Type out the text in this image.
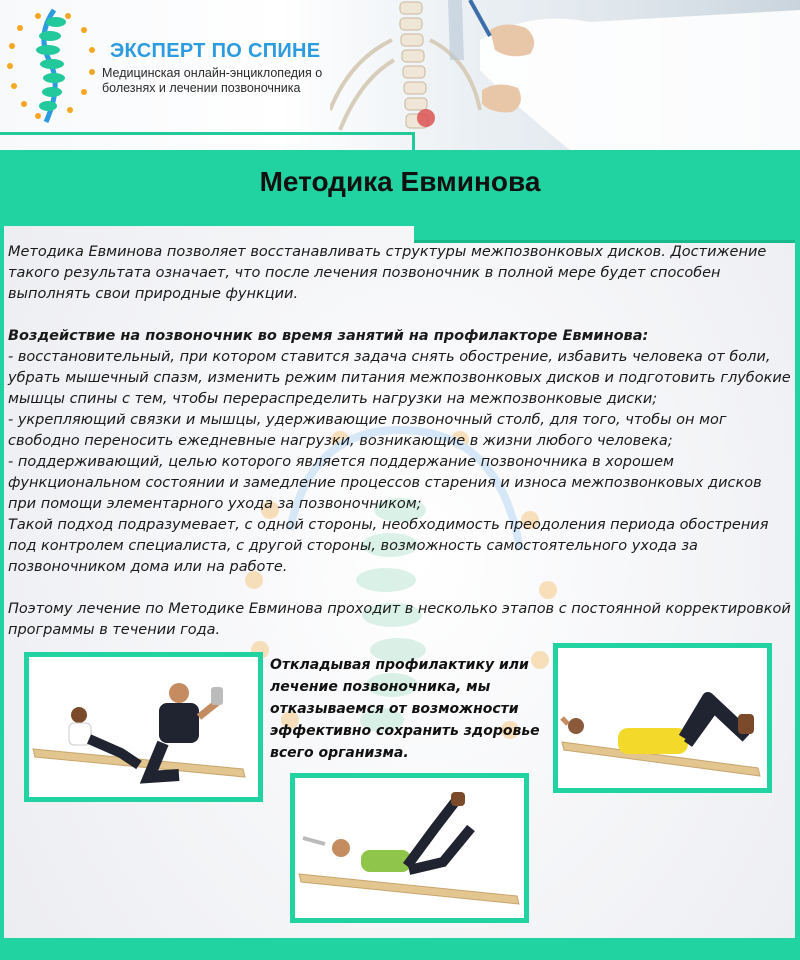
ЭКСПЕРТ ПО СПИНЕ
Медицинская онлайн-энциклопедия о болезнях и лечении позвоночника
Методика Евминова

Методика Евминова позволяет восстанавливать структуры межпозвонковых дисков. Достижение такого результата означает, что после лечения позвоночник в полной мере будет способен выполнять свои природные функции.

Воздействие на позвоночник во время занятий на профилакторе Евминова:

- восстановительный, при котором ставится задача снять обострение, избавить человека от боли, убрать мышечный спазм, изменить режим питания межпозвонковых дисков и подготовить глубокие мышцы спины с тем, чтобы перераспределить нагрузки на межпозвонковые диски;

- укрепляющий связки и мышцы, удерживающие позвоночный столб, для того, чтобы он мог свободно переносить ежедневные нагрузки, возникающие в жизни любого человека;

- поддерживающий, целью которого является поддержание позвоночника в хорошем функциональном состоянии и замедление процессов старения и износа межпозвонковых дисков при помощи элементарного ухода за позвоночником;

Такой подход подразумевает, с одной стороны, необходимость преодоления периода обострения под контролем специалиста, с другой стороны, возможность самостоятельного ухода за позвоночником дома или на работе.

Поэтому лечение по Методике Евминова проходит в несколько этапов с постоянной корректировкой программы в течении года.

Откладывая профилактику или лечение позвоночника, мы отказываемся от возможности эффективно сохранить здоровье всего организма.
